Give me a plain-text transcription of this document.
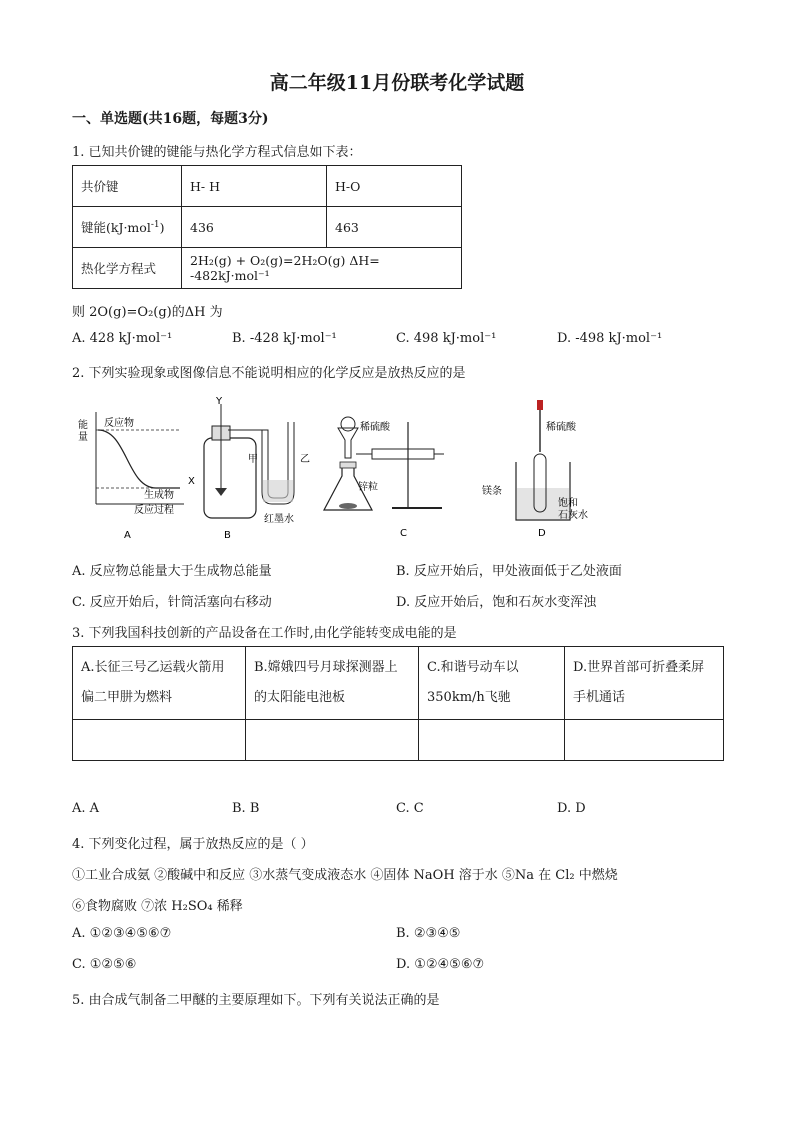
高二年级11月份联考化学试题
一、单选题(共16题，每题3分)
1. 已知共价键的键能与热化学方程式信息如下表：
共价键	H- H	H-O
键能(kJ·mol$^{-1}$)	436	463
热化学方程式	2H₂(g) + O₂(g)=2H₂O(g) ΔH= -482kJ·mol⁻¹	
则 2O(g)=O₂(g)的ΔH 为
A. 428 kJ·mol⁻¹	B. -428 kJ·mol⁻¹	C. 498 kJ·mol⁻¹	D. -498 kJ·mol⁻¹
2. 下列实验现象或图像信息不能说明相应的化学反应是放热反应的是
能
量
反应物
生成物
反应过程
A
Y
X
甲	乙
红墨水
B
稀硫酸
锌粒
C
稀硫酸
镁条
饱和
石灰水
D
A. 反应物总能量大于生成物总能量	B. 反应开始后，甲处液面低于乙处液面
C. 反应开始后，针筒活塞向右移动	D. 反应开始后，饱和石灰水变浑浊
3. 下列我国科技创新的产品设备在工作时,由化学能转变成电能的是
A.长征三号乙运载火箭用偏二甲肼为燃料	B.嫦娥四号月球探测器上的太阳能电池板	C.和谐号动车以350km/h飞驰	D.世界首部可折叠柔屏手机通话

A. A	B. B	C. C	D. D
4. 下列变化过程，属于放热反应的是（ ）
①工业合成氨 ②酸碱中和反应 ③水蒸气变成液态水 ④固体 NaOH 溶于水 ⑤Na 在 Cl₂ 中燃烧
⑥食物腐败 ⑦浓 H₂SO₄ 稀释
A. ①②③④⑤⑥⑦	B. ②③④⑤
C. ①②⑤⑥	D. ①②④⑤⑥⑦
5. 由合成气制备二甲醚的主要原理如下。下列有关说法正确的是
